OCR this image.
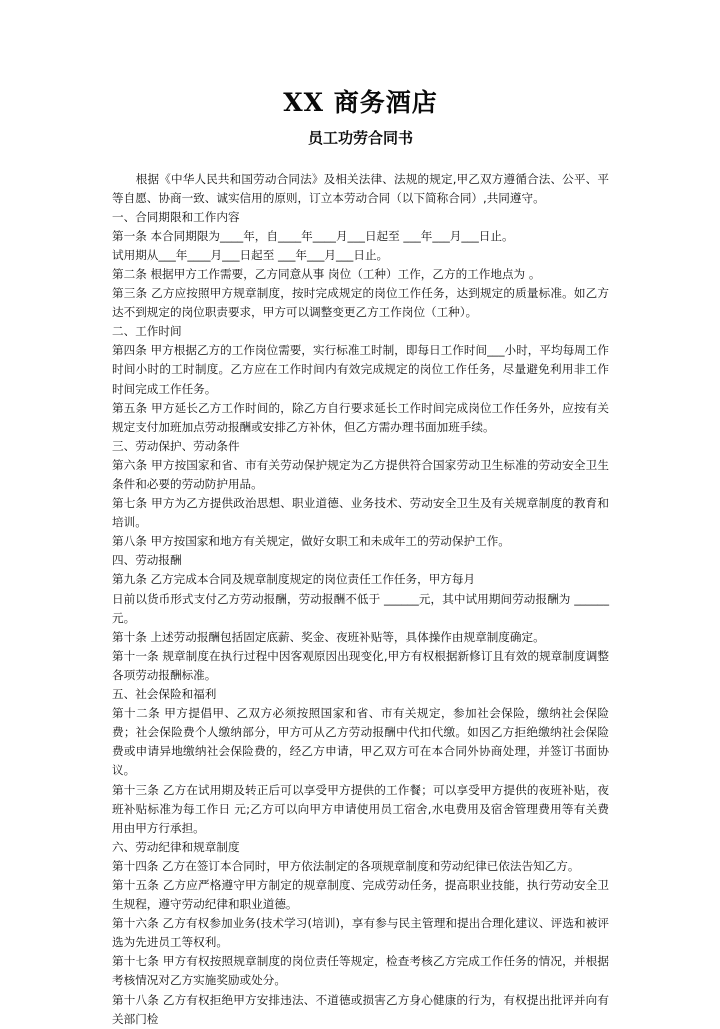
XX 商务酒店
员工功劳合同书

根据《中华人民共和国劳动合同法》及相关法律、法规的规定,甲乙双方遵循合法、公平、平等自愿、协商一致、诚实信用的原则，订立本劳动合同（以下简称合同）,共同遵守。

一、合同期限和工作内容

第一条 本合同期限为____年，自____年____月___日起至 ___年___月___日止。

试用期从___年____月___日起至 ___年___月___日止。

第二条 根据甲方工作需要，乙方同意从事 岗位（工种）工作，乙方的工作地点为 。

第三条 乙方应按照甲方规章制度，按时完成规定的岗位工作任务，达到规定的质量标准。如乙方达不到规定的岗位职责要求，甲方可以调整变更乙方工作岗位（工种）。

二、工作时间

第四条 甲方根据乙方的工作岗位需要，实行标准工时制，即每日工作时间___小时，平均每周工作时间小时的工时制度。乙方应在工作时间内有效完成规定的岗位工作任务，尽量避免利用非工作时间完成工作任务。

第五条 甲方延长乙方工作时间的，除乙方自行要求延长工作时间完成岗位工作任务外，应按有关规定支付加班加点劳动报酬或安排乙方补休，但乙方需办理书面加班手续。

三、劳动保护、劳动条件

第六条 甲方按国家和省、市有关劳动保护规定为乙方提供符合国家劳动卫生标准的劳动安全卫生条件和必要的劳动防护用品。

第七条 甲方为乙方提供政治思想、职业道德、业务技术、劳动安全卫生及有关规章制度的教育和培训。

第八条 甲方按国家和地方有关规定，做好女职工和未成年工的劳动保护工作。

四、劳动报酬

第九条 乙方完成本合同及规章制度规定的岗位责任工作任务，甲方每月

日前以货币形式支付乙方劳动报酬，劳动报酬不低于 ______元，其中试用期间劳动报酬为 ______元。

第十条 上述劳动报酬包括固定底薪、奖金、夜班补贴等，具体操作由规章制度确定。

第十一条 规章制度在执行过程中因客观原因出现变化,甲方有权根据新修订且有效的规章制度调整各项劳动报酬标准。

五、社会保险和福利

第十二条 甲方提倡甲、乙双方必须按照国家和省、市有关规定，参加社会保险，缴纳社会保险费；社会保险费个人缴纳部分，甲方可从乙方劳动报酬中代扣代缴。如因乙方拒绝缴纳社会保险费或申请异地缴纳社会保险费的，经乙方申请，甲乙双方可在本合同外协商处理，并签订书面协议。

第十三条 乙方在试用期及转正后可以享受甲方提供的工作餐；可以享受甲方提供的夜班补贴，夜班补贴标准为每工作日 元;乙方可以向甲方申请使用员工宿舍,水电费用及宿舍管理费用等有关费用由甲方行承担。

六、劳动纪律和规章制度

第十四条 乙方在签订本合同时，甲方依法制定的各项规章制度和劳动纪律已依法告知乙方。

第十五条 乙方应严格遵守甲方制定的规章制度、完成劳动任务，提高职业技能，执行劳动安全卫生规程，遵守劳动纪律和职业道德。

第十六条 乙方有权参加业务(技术学习(培训)，享有参与民主管理和提出合理化建议、评选和被评选为先进员工等权利。

第十七条 甲方有权按照规章制度的岗位责任等规定，检查考核乙方完成工作任务的情况，并根据考核情况对乙方实施奖励或处分。

第十八条 乙方有权拒绝甲方安排违法、不道德或损害乙方身心健康的行为，有权提出批评并向有关部门检
